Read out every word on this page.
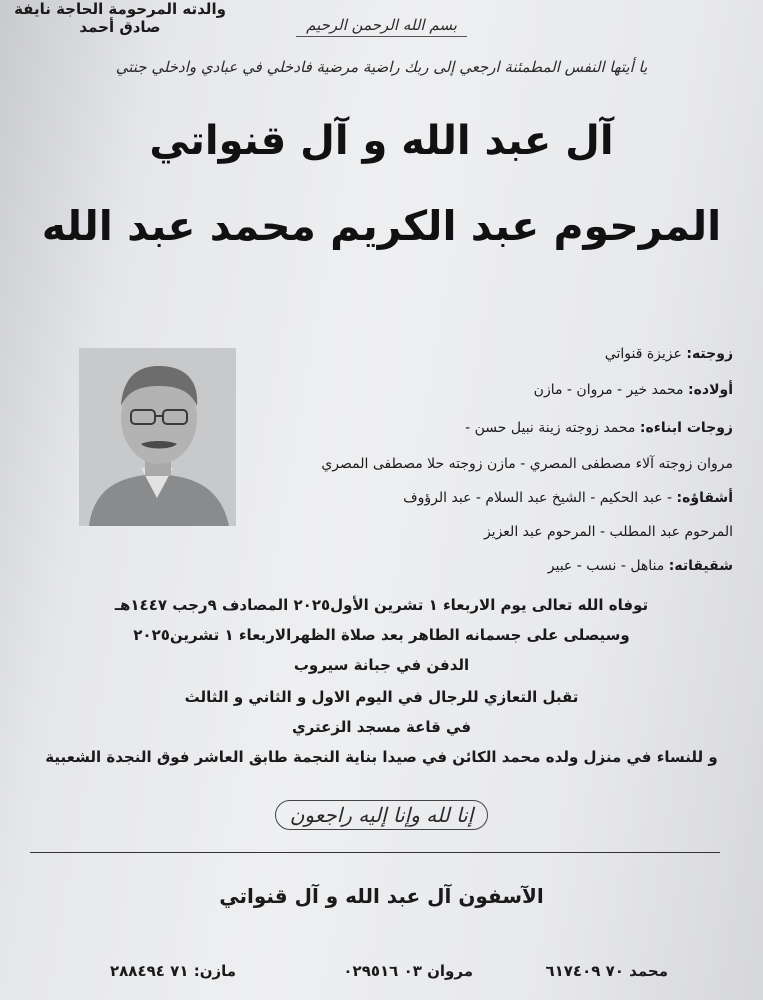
بسم الله الرحمن الرحيم
يا أيتها النفس المطمئنة ارجعي إلى ربك راضية مرضية فادخلي في عبادي وادخلي جنتي
آل عبد الله و آل قنواتي
المرحوم عبد الكريم محمد عبد الله
والدته المرحومة الحاجة نايفة صادق أحمد
زوجته: عزيزة قنواتي
أولاده: محمد خير - مروان - مازن
زوجات ابناءه: محمد زوجته زينة نبيل حسن -
مروان زوجته آلاء مصطفى المصري - مازن زوجته حلا مصطفى المصري
أشقاؤه: - عبد الحكيم - الشيخ عبد السلام - عبد الرؤوف
المرحوم عبد المطلب - المرحوم عبد العزيز
شقيقاته: مناهل - نسب - عبير
توفاه الله تعالى يوم الاربعاء ١ تشرين الأول٢٠٢٥ المصادف ٩رجب ١٤٤٧هـ
وسيصلى على جسمانه الطاهر بعد صلاة الظهرالاربعاء ١ تشرين٢٠٢٥
الدفن في جبانة سيروب
تقبل التعازي للرجال في اليوم الاول و الثاني و الثالث
في قاعة مسجد الزعتري
و للنساء في منزل ولده محمد الكائن في صيدا بناية النجمة طابق العاشر فوق النجدة الشعبية
إنا لله وإنا إليه راجعون
الآسفون آل عبد الله و آل قنواتي
محمد ٧٠ ٦١٧٤٠٩
مروان ٠٣ ٠٢٩٥١٦
مازن: ٧١ ٢٨٨٤٩٤
